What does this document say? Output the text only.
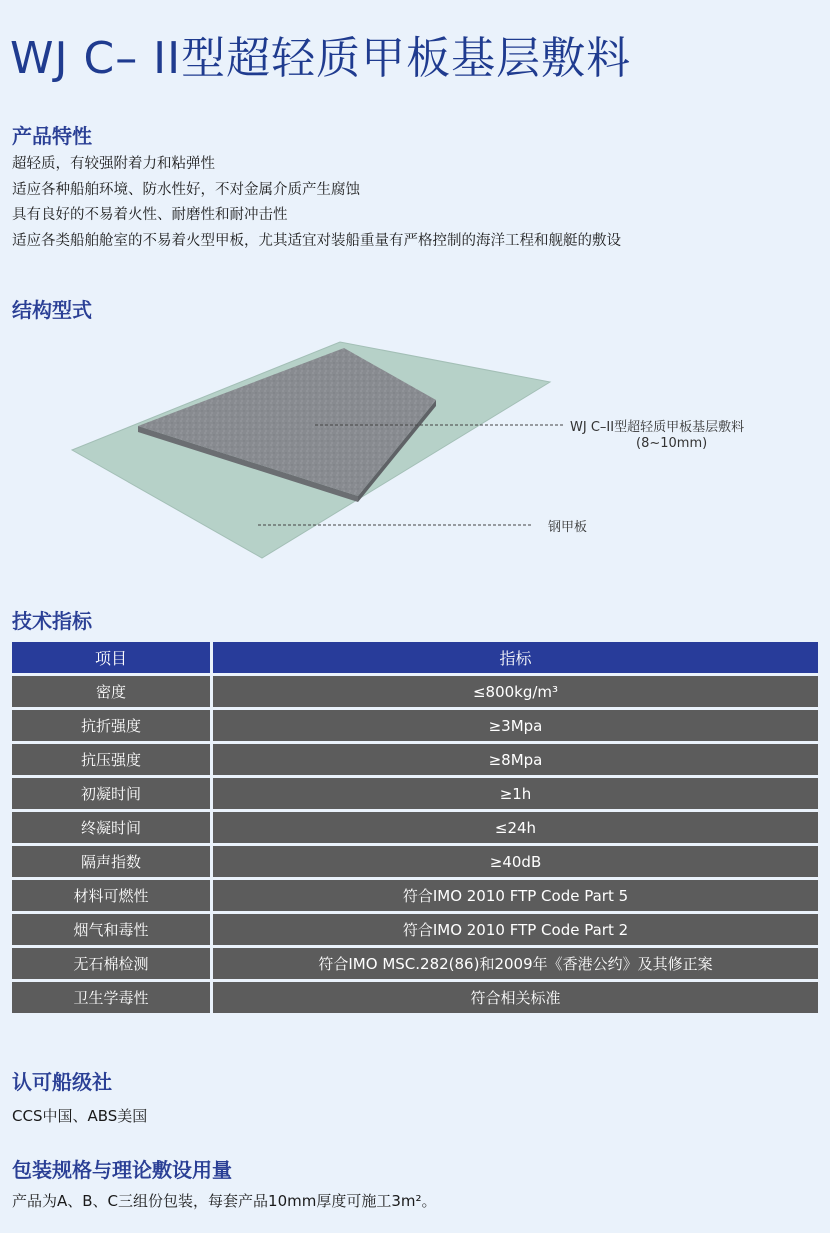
WJ C– II型超轻质甲板基层敷料
产品特性
超轻质，有较强附着力和粘弹性
适应各种船舶环境、防水性好，不对金属介质产生腐蚀
具有良好的不易着火性、耐磨性和耐冲击性
适应各类船舶舱室的不易着火型甲板，尤其适宜对装船重量有严格控制的海洋工程和舰艇的敷设
结构型式
WJ C–II型超轻质甲板基层敷料
(8~10mm)
钢甲板
技术指标
项目	指标
密度	≤800kg/m³
抗折强度	≥3Mpa
抗压强度	≥8Mpa
初凝时间	≥1h
终凝时间	≤24h
隔声指数	≥40dB
材料可燃性	符合IMO 2010 FTP Code Part 5
烟气和毒性	符合IMO 2010 FTP Code Part 2
无石棉检测	符合IMO MSC.282(86)和2009年《香港公约》及其修正案
卫生学毒性	符合相关标准
认可船级社
CCS中国、ABS美国
包装规格与理论敷设用量
产品为A、B、C三组份包装，每套产品10mm厚度可施工3m²。
